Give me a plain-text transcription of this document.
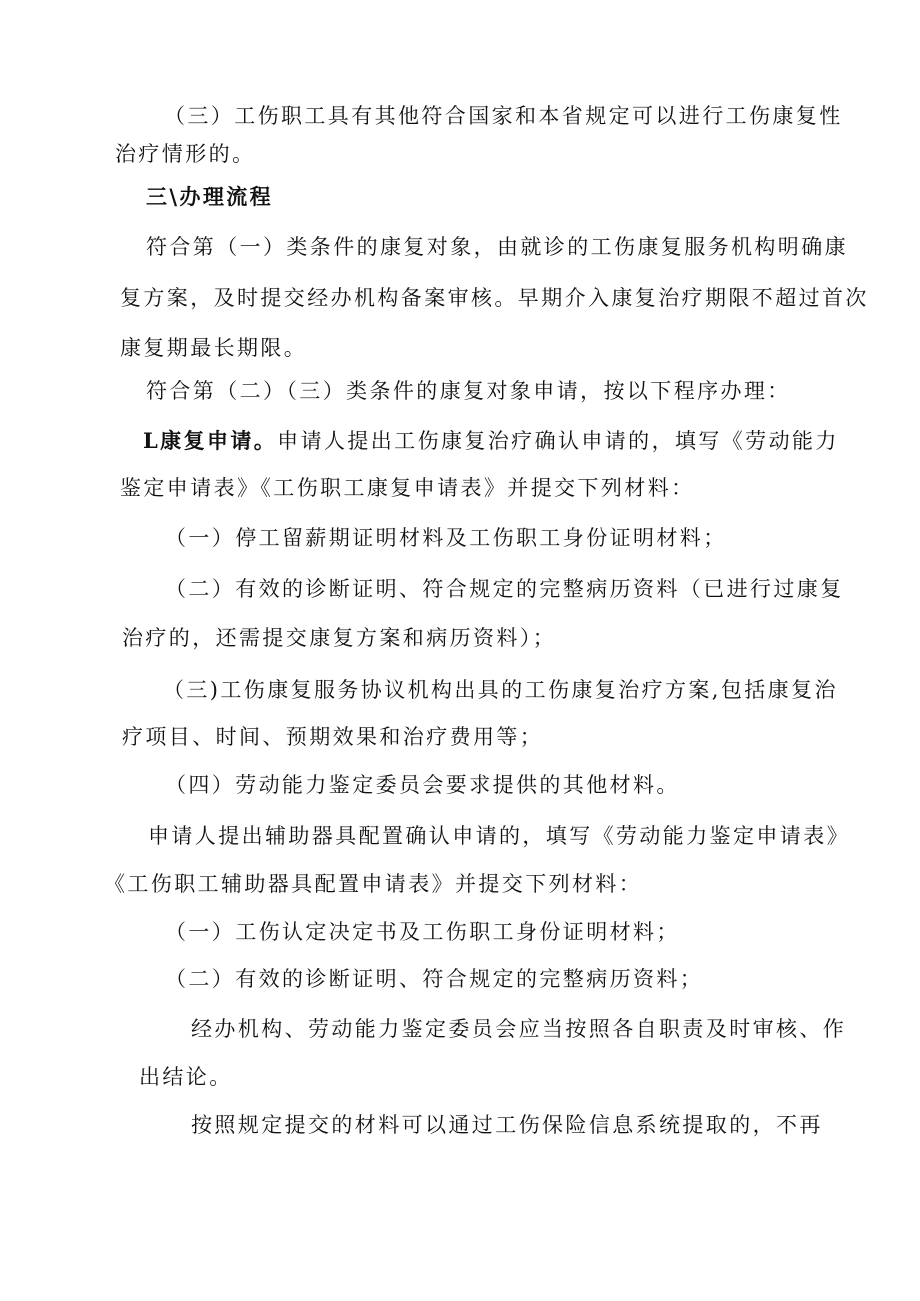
（三）工伤职工具有其他符合国家和本省规定可以进行工伤康复性

治疗情形的。

三\办理流程

符合第（一）类条件的康复对象，由就诊的工伤康复服务机构明确康

复方案，及时提交经办机构备案审核。早期介入康复治疗期限不超过首次

康复期最长期限。

符合第（二）（三）类条件的康复对象申请，按以下程序办理：

L康复申请。申请人提出工伤康复治疗确认申请的，填写《劳动能力

鉴定申请表》《工伤职工康复申请表》并提交下列材料：

（一）停工留薪期证明材料及工伤职工身份证明材料；

（二）有效的诊断证明、符合规定的完整病历资料（已进行过康复

治疗的，还需提交康复方案和病历资料）；

（三)工伤康复服务协议机构出具的工伤康复治疗方案,包括康复治

疗项目、时间、预期效果和治疗费用等；

（四）劳动能力鉴定委员会要求提供的其他材料。

申请人提出辅助器具配置确认申请的，填写《劳动能力鉴定申请表》

《工伤职工辅助器具配置申请表》并提交下列材料：

（一）工伤认定决定书及工伤职工身份证明材料；

（二）有效的诊断证明、符合规定的完整病历资料；

经办机构、劳动能力鉴定委员会应当按照各自职责及时审核、作

出结论。

按照规定提交的材料可以通过工伤保险信息系统提取的，不再
